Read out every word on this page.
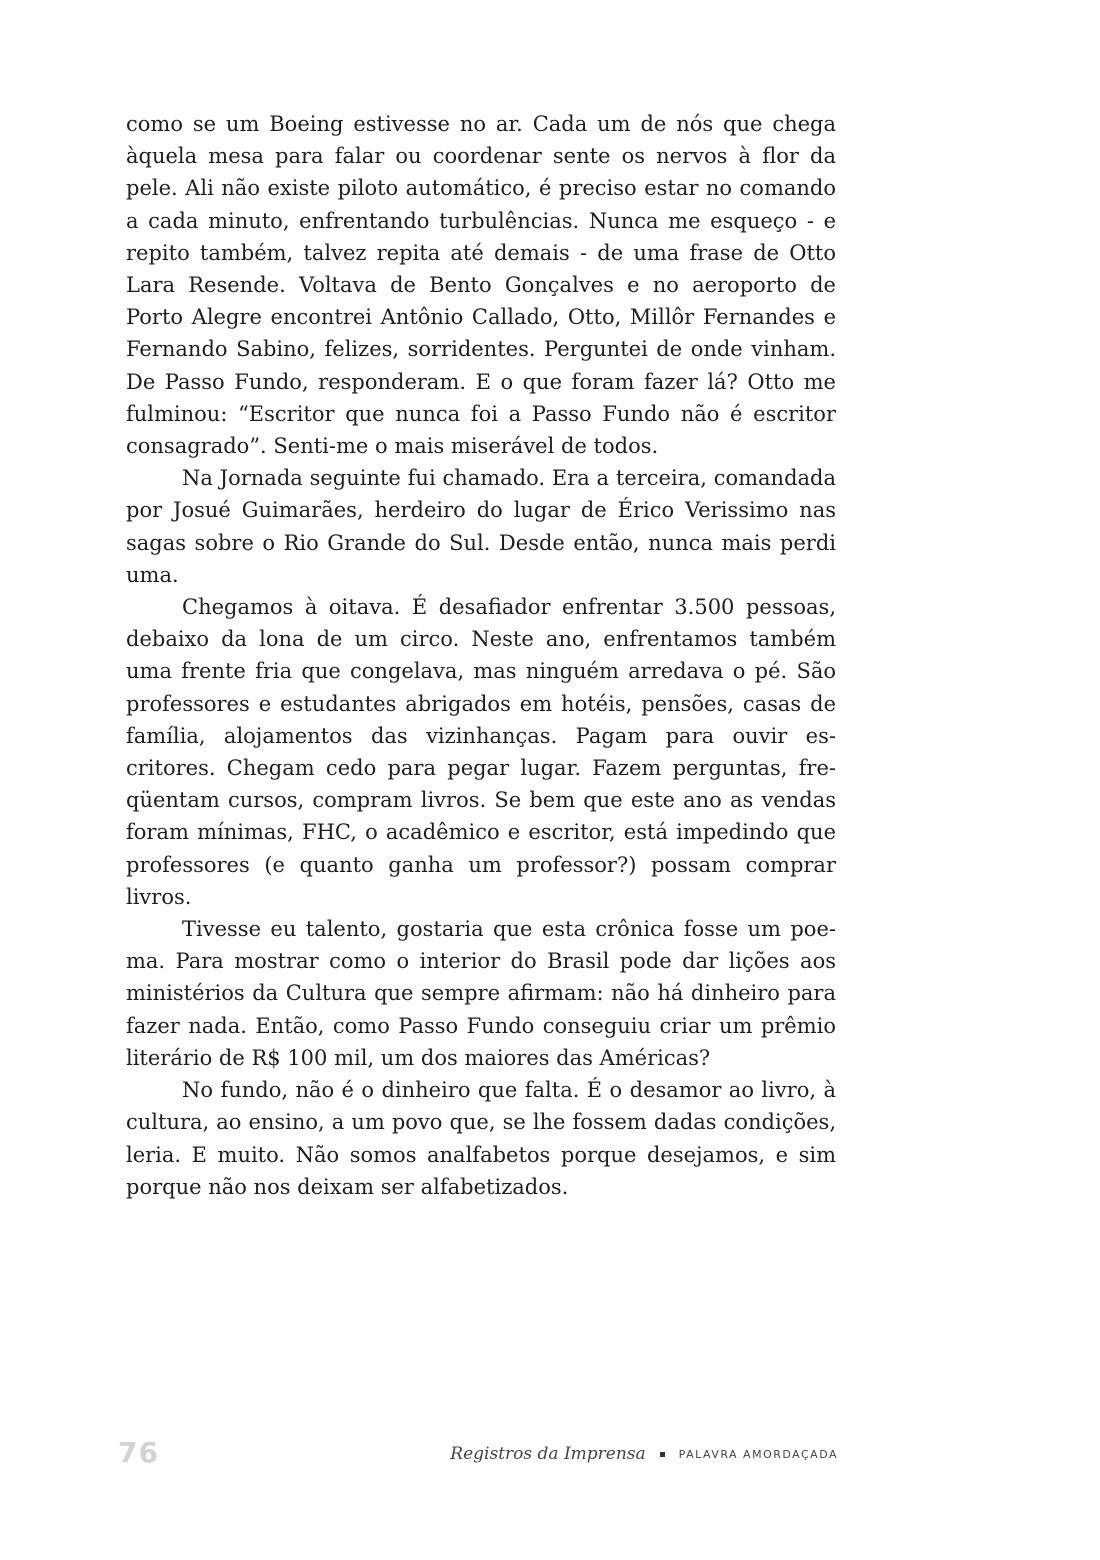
como se um Boeing estivesse no ar. Cada um de nós que chega àquela mesa para falar ou coordenar sente os nervos à flor da pele. Ali não existe piloto automático, é preciso estar no comando a cada minuto, enfrentando turbulências. Nunca me esqueço - e repito também, talvez repita até demais - de uma frase de Otto Lara Resende. Voltava de Bento Gonçalves e no aeroporto de Porto Alegre encontrei Antônio Callado, Otto, Millôr Fernandes e Fernando Sabino, felizes, sorridentes. Perguntei de onde vinham. De Passo Fundo, responderam. E o que foram fazer lá? Otto me fulminou: “Escritor que nunca foi a Passo Fundo não é escritor consagrado”. Senti-me o mais miserável de todos.

Na Jornada seguinte fui chamado. Era a terceira, comandada por Josué Guimarães, herdeiro do lugar de Érico Verissimo nas sagas sobre o Rio Grande do Sul. Desde então, nunca mais perdi uma.

Chegamos à oitava. É desafiador enfrentar 3.500 pessoas, debaixo da lona de um circo. Neste ano, enfrentamos também uma frente fria que congelava, mas ninguém arredava o pé. São professores e estudantes abrigados em hotéis, pensões, casas de família, alojamentos das vizinhanças. Pagam para ouvir escritores. Chegam cedo para pegar lugar. Fazem perguntas, freqüentam cursos, compram livros. Se bem que este ano as vendas foram mínimas, FHC, o acadêmico e escritor, está impedindo que professores (e quanto ganha um professor?) possam comprar livros.

Tivesse eu talento, gostaria que esta crônica fosse um poema. Para mostrar como o interior do Brasil pode dar lições aos ministérios da Cultura que sempre afirmam: não há dinheiro para fazer nada. Então, como Passo Fundo conseguiu criar um prêmio literário de R$ 100 mil, um dos maiores das Américas?

No fundo, não é o dinheiro que falta. É o desamor ao livro, à cultura, ao ensino, a um povo que, se lhe fossem dadas condições, leria. E muito. Não somos analfabetos porque desejamos, e sim porque não nos deixam ser alfabetizados.

76	Registros da Imprensa	PALAVRA AMORDAÇADA
